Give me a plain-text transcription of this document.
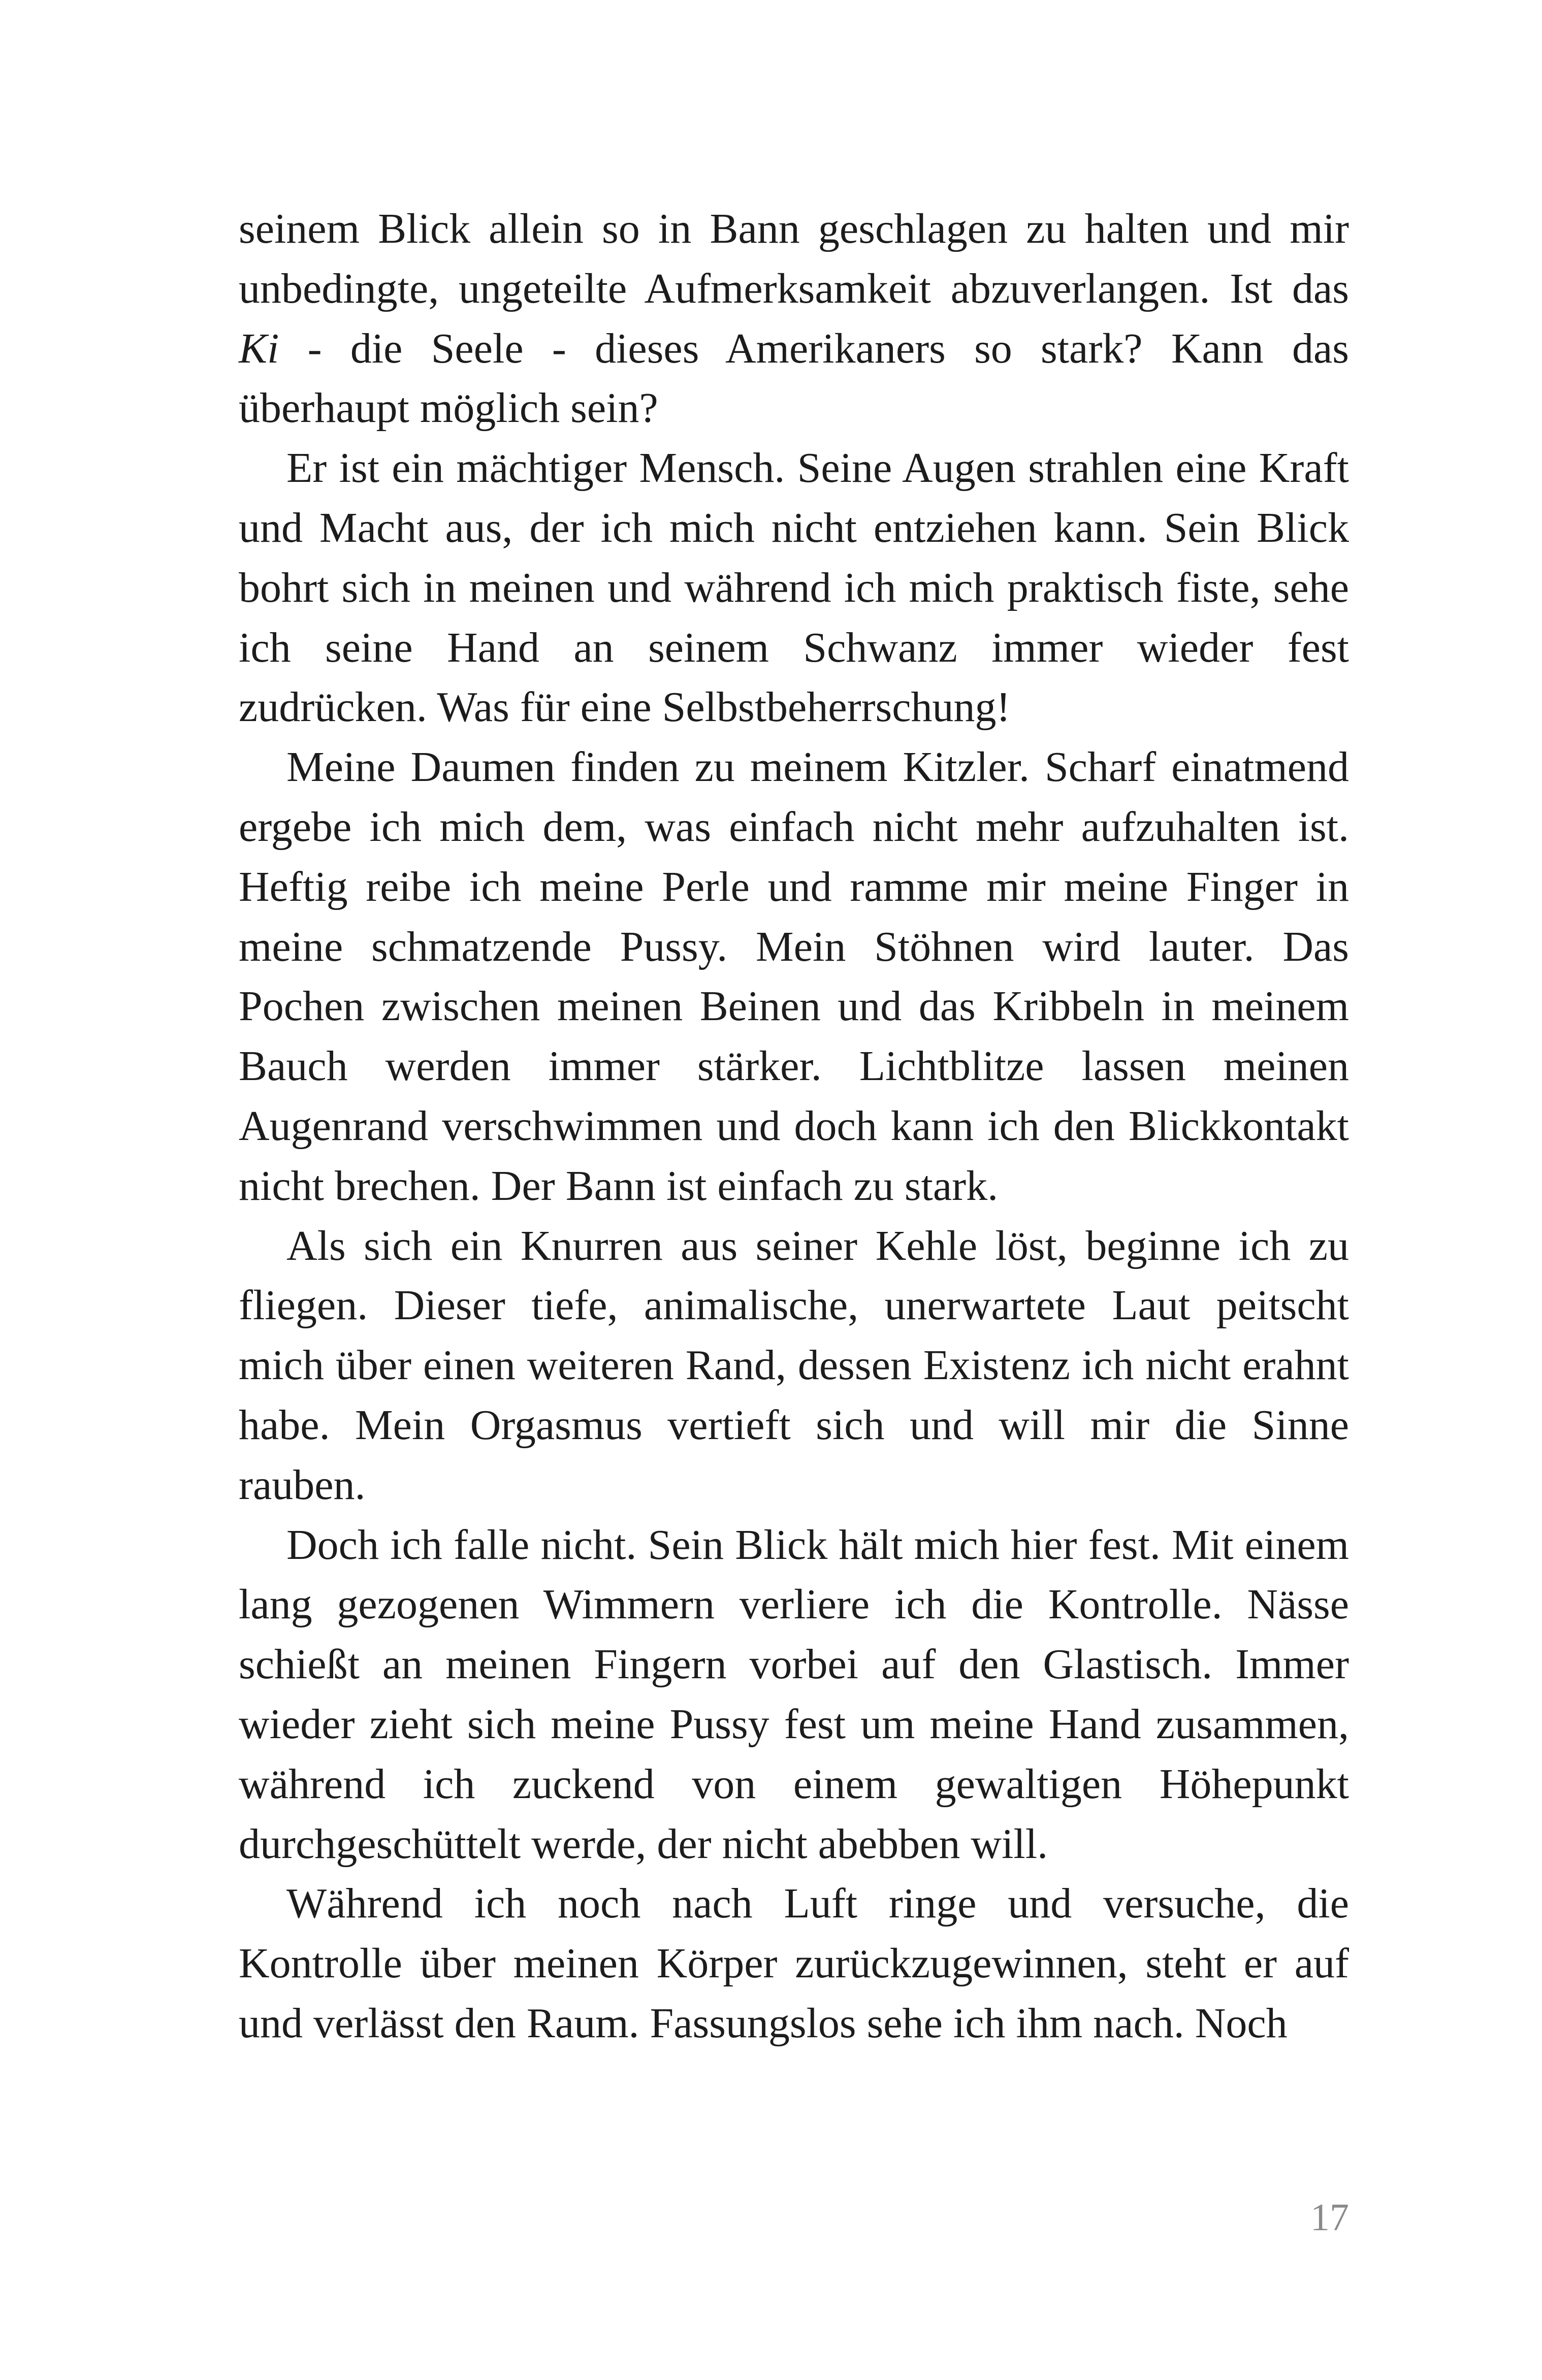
seinem Blick allein so in Bann geschlagen zu halten und mir unbedingte, ungeteilte Aufmerksamkeit abzuverlangen. Ist das Ki - die Seele - dieses Amerikaners so stark? Kann das überhaupt möglich sein?

Er ist ein mächtiger Mensch. Seine Augen strahlen eine Kraft und Macht aus, der ich mich nicht entziehen kann. Sein Blick bohrt sich in meinen und während ich mich praktisch fiste, sehe ich seine Hand an seinem Schwanz immer wieder fest zudrücken. Was für eine Selbstbeherrschung!

Meine Daumen finden zu meinem Kitzler. Scharf einatmend ergebe ich mich dem, was einfach nicht mehr aufzuhalten ist. Heftig reibe ich meine Perle und ramme mir meine Finger in meine schmatzende Pussy. Mein Stöhnen wird lauter. Das Pochen zwischen meinen Beinen und das Kribbeln in meinem Bauch werden immer stärker. Lichtblitze lassen meinen Augenrand verschwimmen und doch kann ich den Blickkontakt nicht brechen. Der Bann ist einfach zu stark.

Als sich ein Knurren aus seiner Kehle löst, beginne ich zu fliegen. Dieser tiefe, animalische, unerwartete Laut peitscht mich über einen weiteren Rand, dessen Existenz ich nicht erahnt habe. Mein Orgasmus vertieft sich und will mir die Sinne rauben.

Doch ich falle nicht. Sein Blick hält mich hier fest. Mit einem lang gezogenen Wimmern verliere ich die Kontrolle. Nässe schießt an meinen Fingern vorbei auf den Glastisch. Immer wieder zieht sich meine Pussy fest um meine Hand zusammen, während ich zuckend von einem gewaltigen Höhepunkt durchgeschüttelt werde, der nicht abebben will.

Während ich noch nach Luft ringe und versuche, die Kontrolle über meinen Körper zurückzugewinnen, steht er auf und verlässt den Raum. Fassungslos sehe ich ihm nach. Noch

17
